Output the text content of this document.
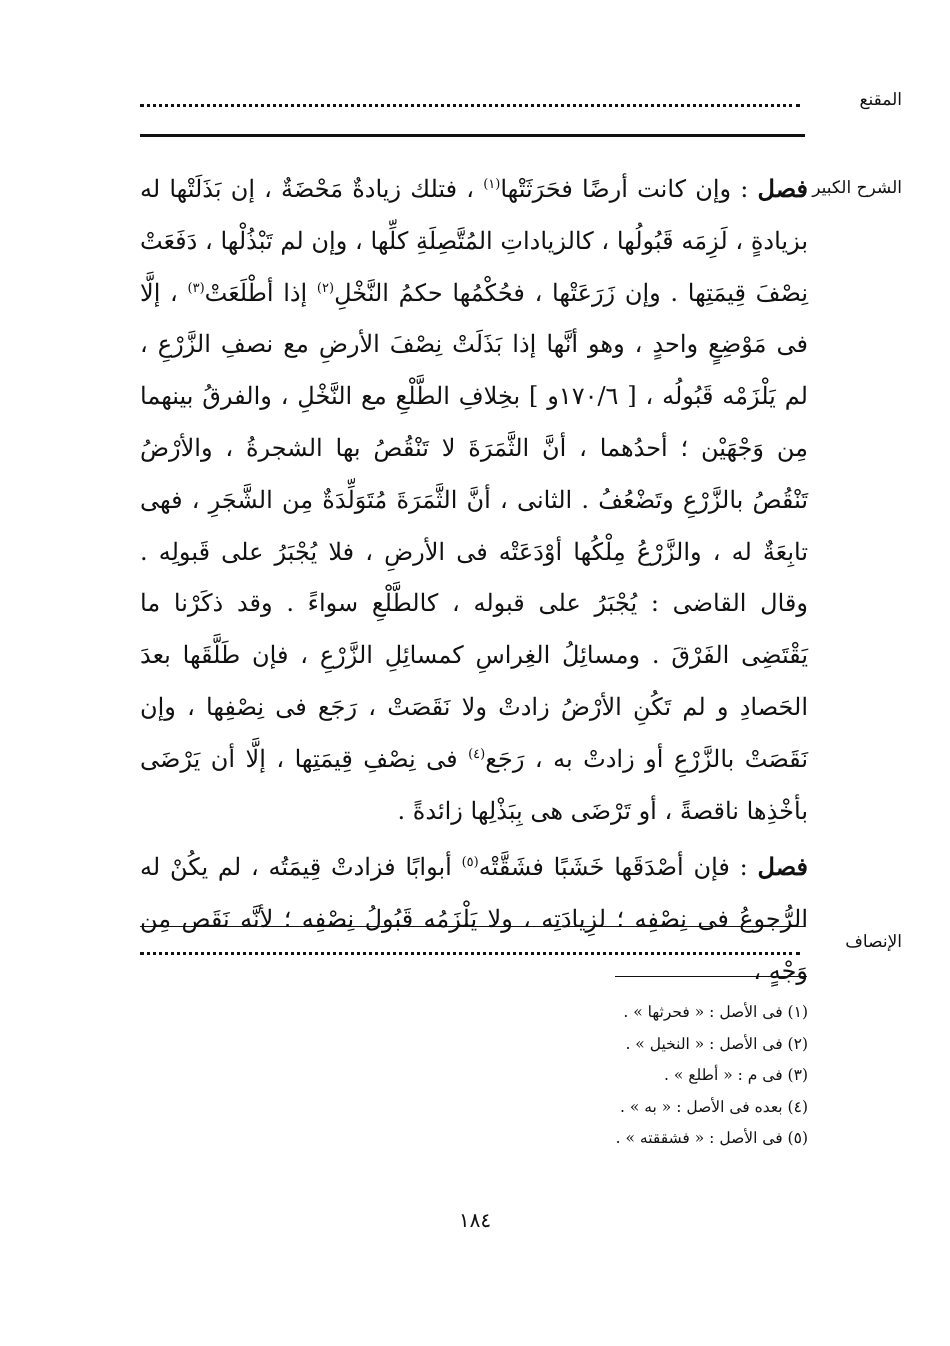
المقنع
الشرح الكبير

فصل : وإن كانت أرضًا فحَرَثَتْها$^{(١)}$ ، فتلك زيادةٌ مَحْضَةٌ ، إن بَذَلَتْها له بزيادةٍ ، لَزِمَه قَبُولُها ، كالزياداتِ المُتَّصِلَةِ كلِّها ، وإن لم تَبْذُلْها ، دَفَعَتْ نِصْفَ قِيمَتِها . وإن زَرَعَتْها ، فحُكْمُها حكمُ النَّخْلِ$^{(٢)}$ إذا أطْلَعَتْ$^{(٣)}$ ، إلَّا فى مَوْضِعٍ واحدٍ ، وهو أنَّها إذا بَذَلَتْ نِصْفَ الأرضِ مع نصفِ الزَّرْعِ ، لم يَلْزَمْه قَبُولُه ، [ ١٧٠/٦و ] بخِلافِ الطَّلْعِ مع النَّخْلِ ، والفرقُ بينهما مِن وَجْهَيْن ؛ أحدُهما ، أنَّ الثَّمَرَةَ لا تَنْقُصُ بها الشجرةُ ، والأرْضُ تَنْقُصُ بالزَّرْعِ وتَضْعُفُ . الثانى ، أنَّ الثَّمَرَةَ مُتَوَلِّدَةٌ مِن الشَّجَرِ ، فهى تابِعَةٌ له ، والزَّرْعُ مِلْكُها أوْدَعَتْه فى الأرضِ ، فلا يُجْبَرُ على قَبولِه . وقال القاضى : يُجْبَرُ على قبوله ، كالطَّلْعِ سواءً . وقد ذكَرْنا ما يَقْتَضِى الفَرْقَ . ومسائِلُ الغِراسِ كمسائِلِ الزَّرْعِ ، فإن طَلَّقَها بعدَ الحَصادِ و لم تَكُنِ الأرْضُ زادتْ ولا نَقَصَتْ ، رَجَع فى نِصْفِها ، وإن نَقَصَتْ بالزَّرْعِ أو زادتْ به ، رَجَع$^{(٤)}$ فى نِصْفِ قِيمَتِها ، إلَّا أن يَرْضَى بأخْذِها ناقصةً ، أو تَرْضَى هى بِبَذْلِها زائدةً .

فصل : فإن أصْدَقَها خَشَبًا فشَقَّتْه$^{(٥)}$ أبوابًا فزادتْ قِيمَتُه ، لم يكُنْ له الرُّجوعُ فى نِصْفِه ؛ لزِيادَتِه ، ولا يَلْزَمُه قَبُولُ نِصْفِه ؛ لأنَّه نَقَص مِن وَجْهٍ ،

الإنصاف
(١) فى الأصل : « فحرثها » .
(٢) فى الأصل : « النخيل » .
(٣) فى م : « أطلع » .
(٤) بعده فى الأصل : « به » .
(٥) فى الأصل : « فشققته » .
١٨٤
